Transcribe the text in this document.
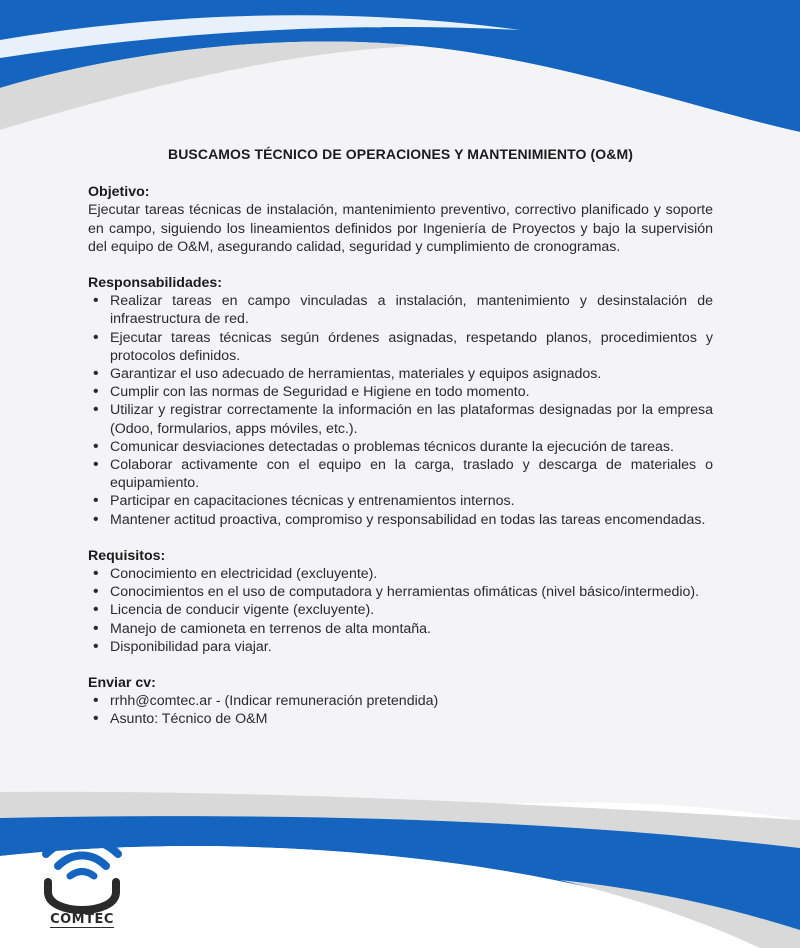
BUSCAMOS TÉCNICO DE OPERACIONES Y MANTENIMIENTO (O&M)
Objetivo:

Ejecutar tareas técnicas de instalación, mantenimiento preventivo, correctivo planificado y soporte en campo, siguiendo los lineamientos definidos por Ingeniería de Proyectos y bajo la supervisión del equipo de O&M, asegurando calidad, seguridad y cumplimiento de cronogramas.

Responsabilidades:
• Realizar tareas en campo vinculadas a instalación, mantenimiento y desinstalación de infraestructura de red.
• Ejecutar tareas técnicas según órdenes asignadas, respetando planos, procedimientos y protocolos definidos.
• Garantizar el uso adecuado de herramientas, materiales y equipos asignados.
• Cumplir con las normas de Seguridad e Higiene en todo momento.
• Utilizar y registrar correctamente la información en las plataformas designadas por la empresa (Odoo, formularios, apps móviles, etc.).
• Comunicar desviaciones detectadas o problemas técnicos durante la ejecución de tareas.
• Colaborar activamente con el equipo en la carga, traslado y descarga de materiales o equipamiento.
• Participar en capacitaciones técnicas y entrenamientos internos.
• Mantener actitud proactiva, compromiso y responsabilidad en todas las tareas encomendadas.
Requisitos:
• Conocimiento en electricidad (excluyente).
• Conocimientos en el uso de computadora y herramientas ofimáticas (nivel básico/intermedio).
• Licencia de conducir vigente (excluyente).
• Manejo de camioneta en terrenos de alta montaña.
• Disponibilidad para viajar.
Enviar cv:
• rrhh@comtec.ar - (Indicar remuneración pretendida)
• Asunto: Técnico de O&M
COMTEC
